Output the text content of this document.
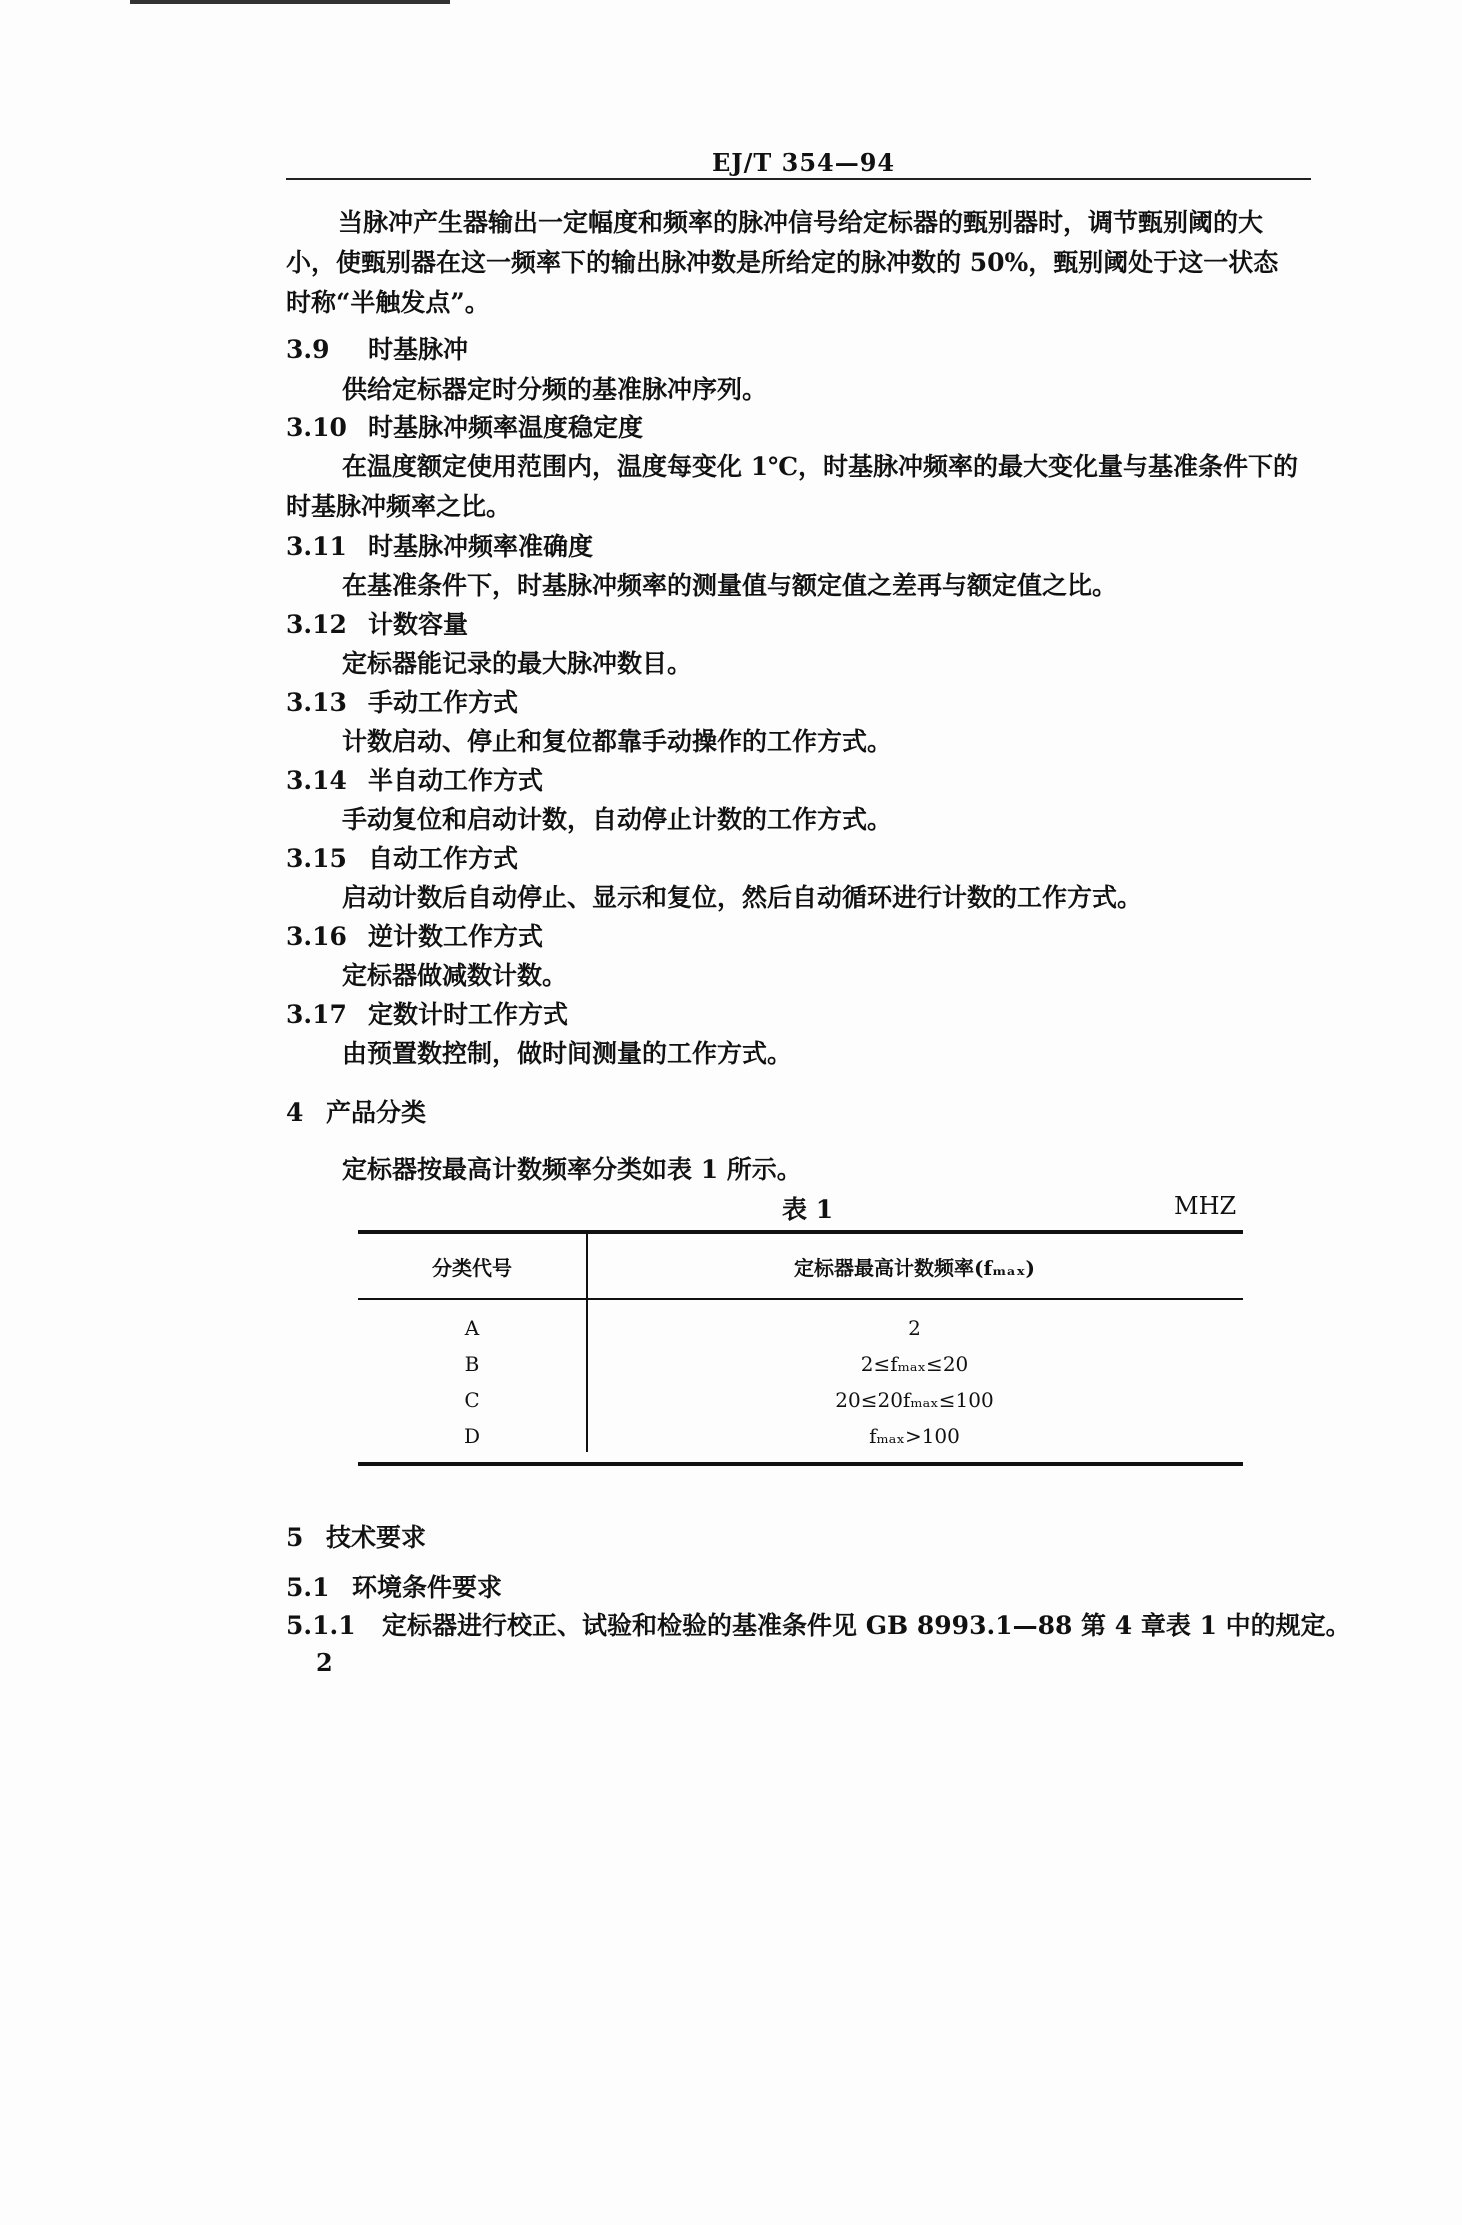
EJ/T 354—94
当脉冲产生器输出一定幅度和频率的脉冲信号给定标器的甄别器时，调节甄别阈的大
小，使甄别器在这一频率下的输出脉冲数是所给定的脉冲数的 50%，甄别阈处于这一状态
时称“半触发点”。
3.9 时基脉冲
供给定标器定时分频的基准脉冲序列。
3.10 时基脉冲频率温度稳定度
在温度额定使用范围内，温度每变化 1℃，时基脉冲频率的最大变化量与基准条件下的
时基脉冲频率之比。
3.11 时基脉冲频率准确度
在基准条件下，时基脉冲频率的测量值与额定值之差再与额定值之比。
3.12 计数容量
定标器能记录的最大脉冲数目。
3.13 手动工作方式
计数启动、停止和复位都靠手动操作的工作方式。
3.14 半自动工作方式
手动复位和启动计数，自动停止计数的工作方式。
3.15 自动工作方式
启动计数后自动停止、显示和复位，然后自动循环进行计数的工作方式。
3.16 逆计数工作方式
定标器做减数计数。
3.17 定数计时工作方式
由预置数控制，做时间测量的工作方式。
4 产品分类
定标器按最高计数频率分类如表 1 所示。
表 1	MHZ
分类代号	定标器最高计数频率(fₘₐₓ)
A	2
B	2≤fₘₐₓ≤20
C	20≤20fₘₐₓ≤100
D	fₘₐₓ>100
5 技术要求
5.1 环境条件要求
5.1.1 定标器进行校正、试验和检验的基准条件见 GB 8993.1—88 第 4 章表 1 中的规定。
2
